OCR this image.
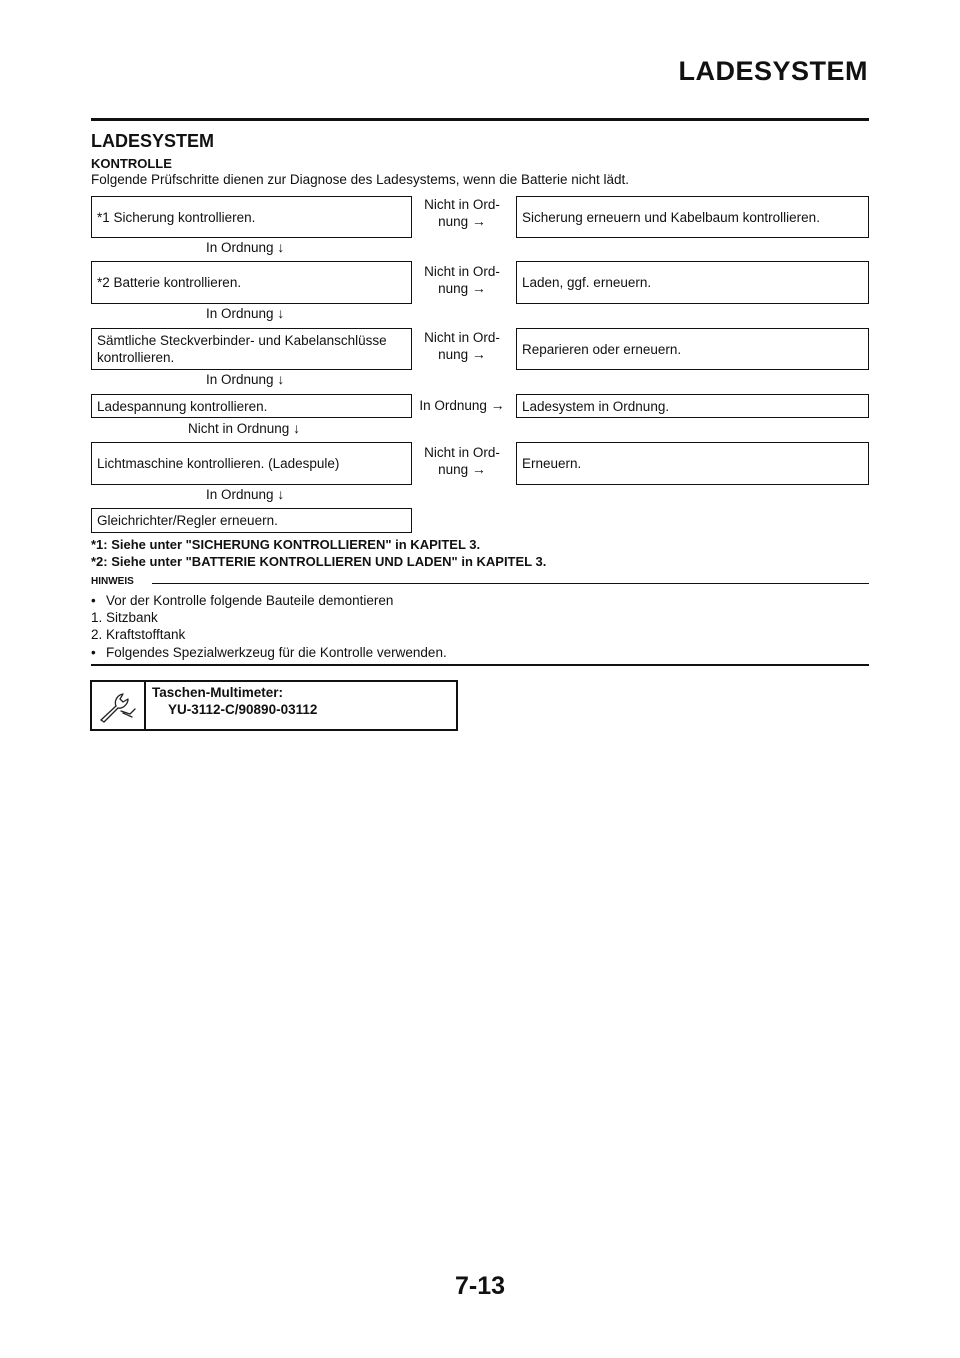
LADESYSTEM
LADESYSTEM
KONTROLLE
Folgende Prüfschritte dienen zur Diagnose des Ladesystems, wenn die Batterie nicht lädt.
*1 Sicherung kontrollieren.
Nicht in Ord-
nung →	Sicherung erneuern und Kabelbaum kontrollieren.
In Ordnung ↓
*2 Batterie kontrollieren.
Nicht in Ord-
nung →	Laden, ggf. erneuern.
In Ordnung ↓
Sämtliche Steckverbinder- und Kabelanschlüsse kontrollieren.
Nicht in Ord-
nung →	Reparieren oder erneuern.
In Ordnung ↓
Ladespannung kontrollieren.	In Ordnung →	Ladesystem in Ordnung.
Nicht in Ordnung ↓
Lichtmaschine kontrollieren. (Ladespule)
Nicht in Ord-
nung →	Erneuern.
In Ordnung ↓
Gleichrichter/Regler erneuern.
*1: Siehe unter "SICHERUNG KONTROLLIEREN" in KAPITEL 3.
*2: Siehe unter "BATTERIE KONTROLLIEREN UND LADEN" in KAPITEL 3.
HINWEIS
• Vor der Kontrolle folgende Bauteile demontieren
1. Sitzbank
2. Kraftstofftank
• Folgendes Spezialwerkzeug für die Kontrolle verwenden.
Taschen-Multimeter:
YU-3112-C/90890-03112
7-13
